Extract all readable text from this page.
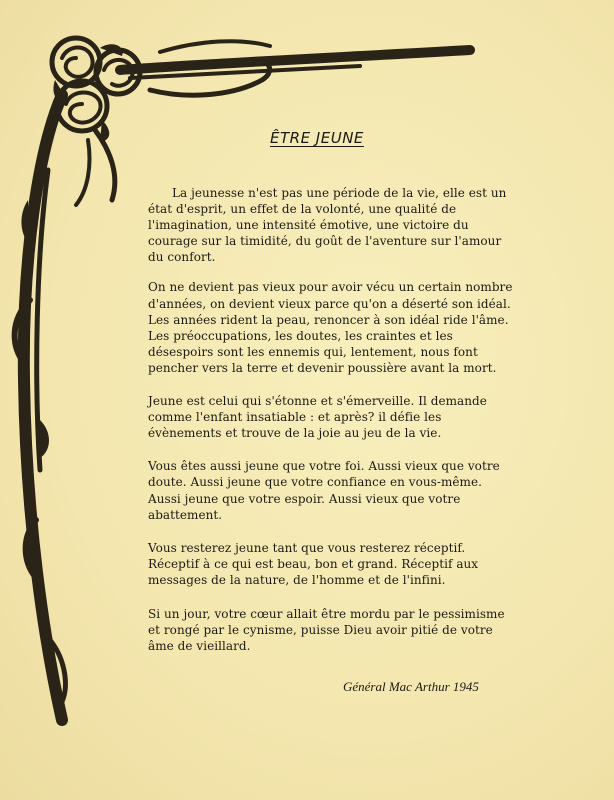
ÊTRE JEUNE

La jeunesse n'est pas une période de la vie, elle est un état d'esprit, un effet de la volonté, une qualité de l'imagination, une intensité émotive, une victoire du courage sur la timidité, du goût de l'aventure sur l'amour du confort.

On ne devient pas vieux pour avoir vécu un certain nombre d'années, on devient vieux parce qu'on a déserté son idéal. Les années rident la peau, renoncer à son idéal ride l'âme. Les préoccupations, les doutes, les craintes et les désespoirs sont les ennemis qui, lentement, nous font pencher vers la terre et devenir poussière avant la mort.

Jeune est celui qui s'étonne et s'émerveille. Il demande comme l'enfant insatiable : et après? il défie les évènements et trouve de la joie au jeu de la vie.

Vous êtes aussi jeune que votre foi. Aussi vieux que votre doute. Aussi jeune que votre confiance en vous-même. Aussi jeune que votre espoir. Aussi vieux que votre abattement.

Vous resterez jeune tant que vous resterez réceptif. Réceptif à ce qui est beau, bon et grand. Réceptif aux messages de la nature, de l'homme et de l'infini.

Si un jour, votre cœur allait être mordu par le pessimisme et rongé par le cynisme, puisse Dieu avoir pitié de votre âme de vieillard.

Général Mac Arthur 1945
